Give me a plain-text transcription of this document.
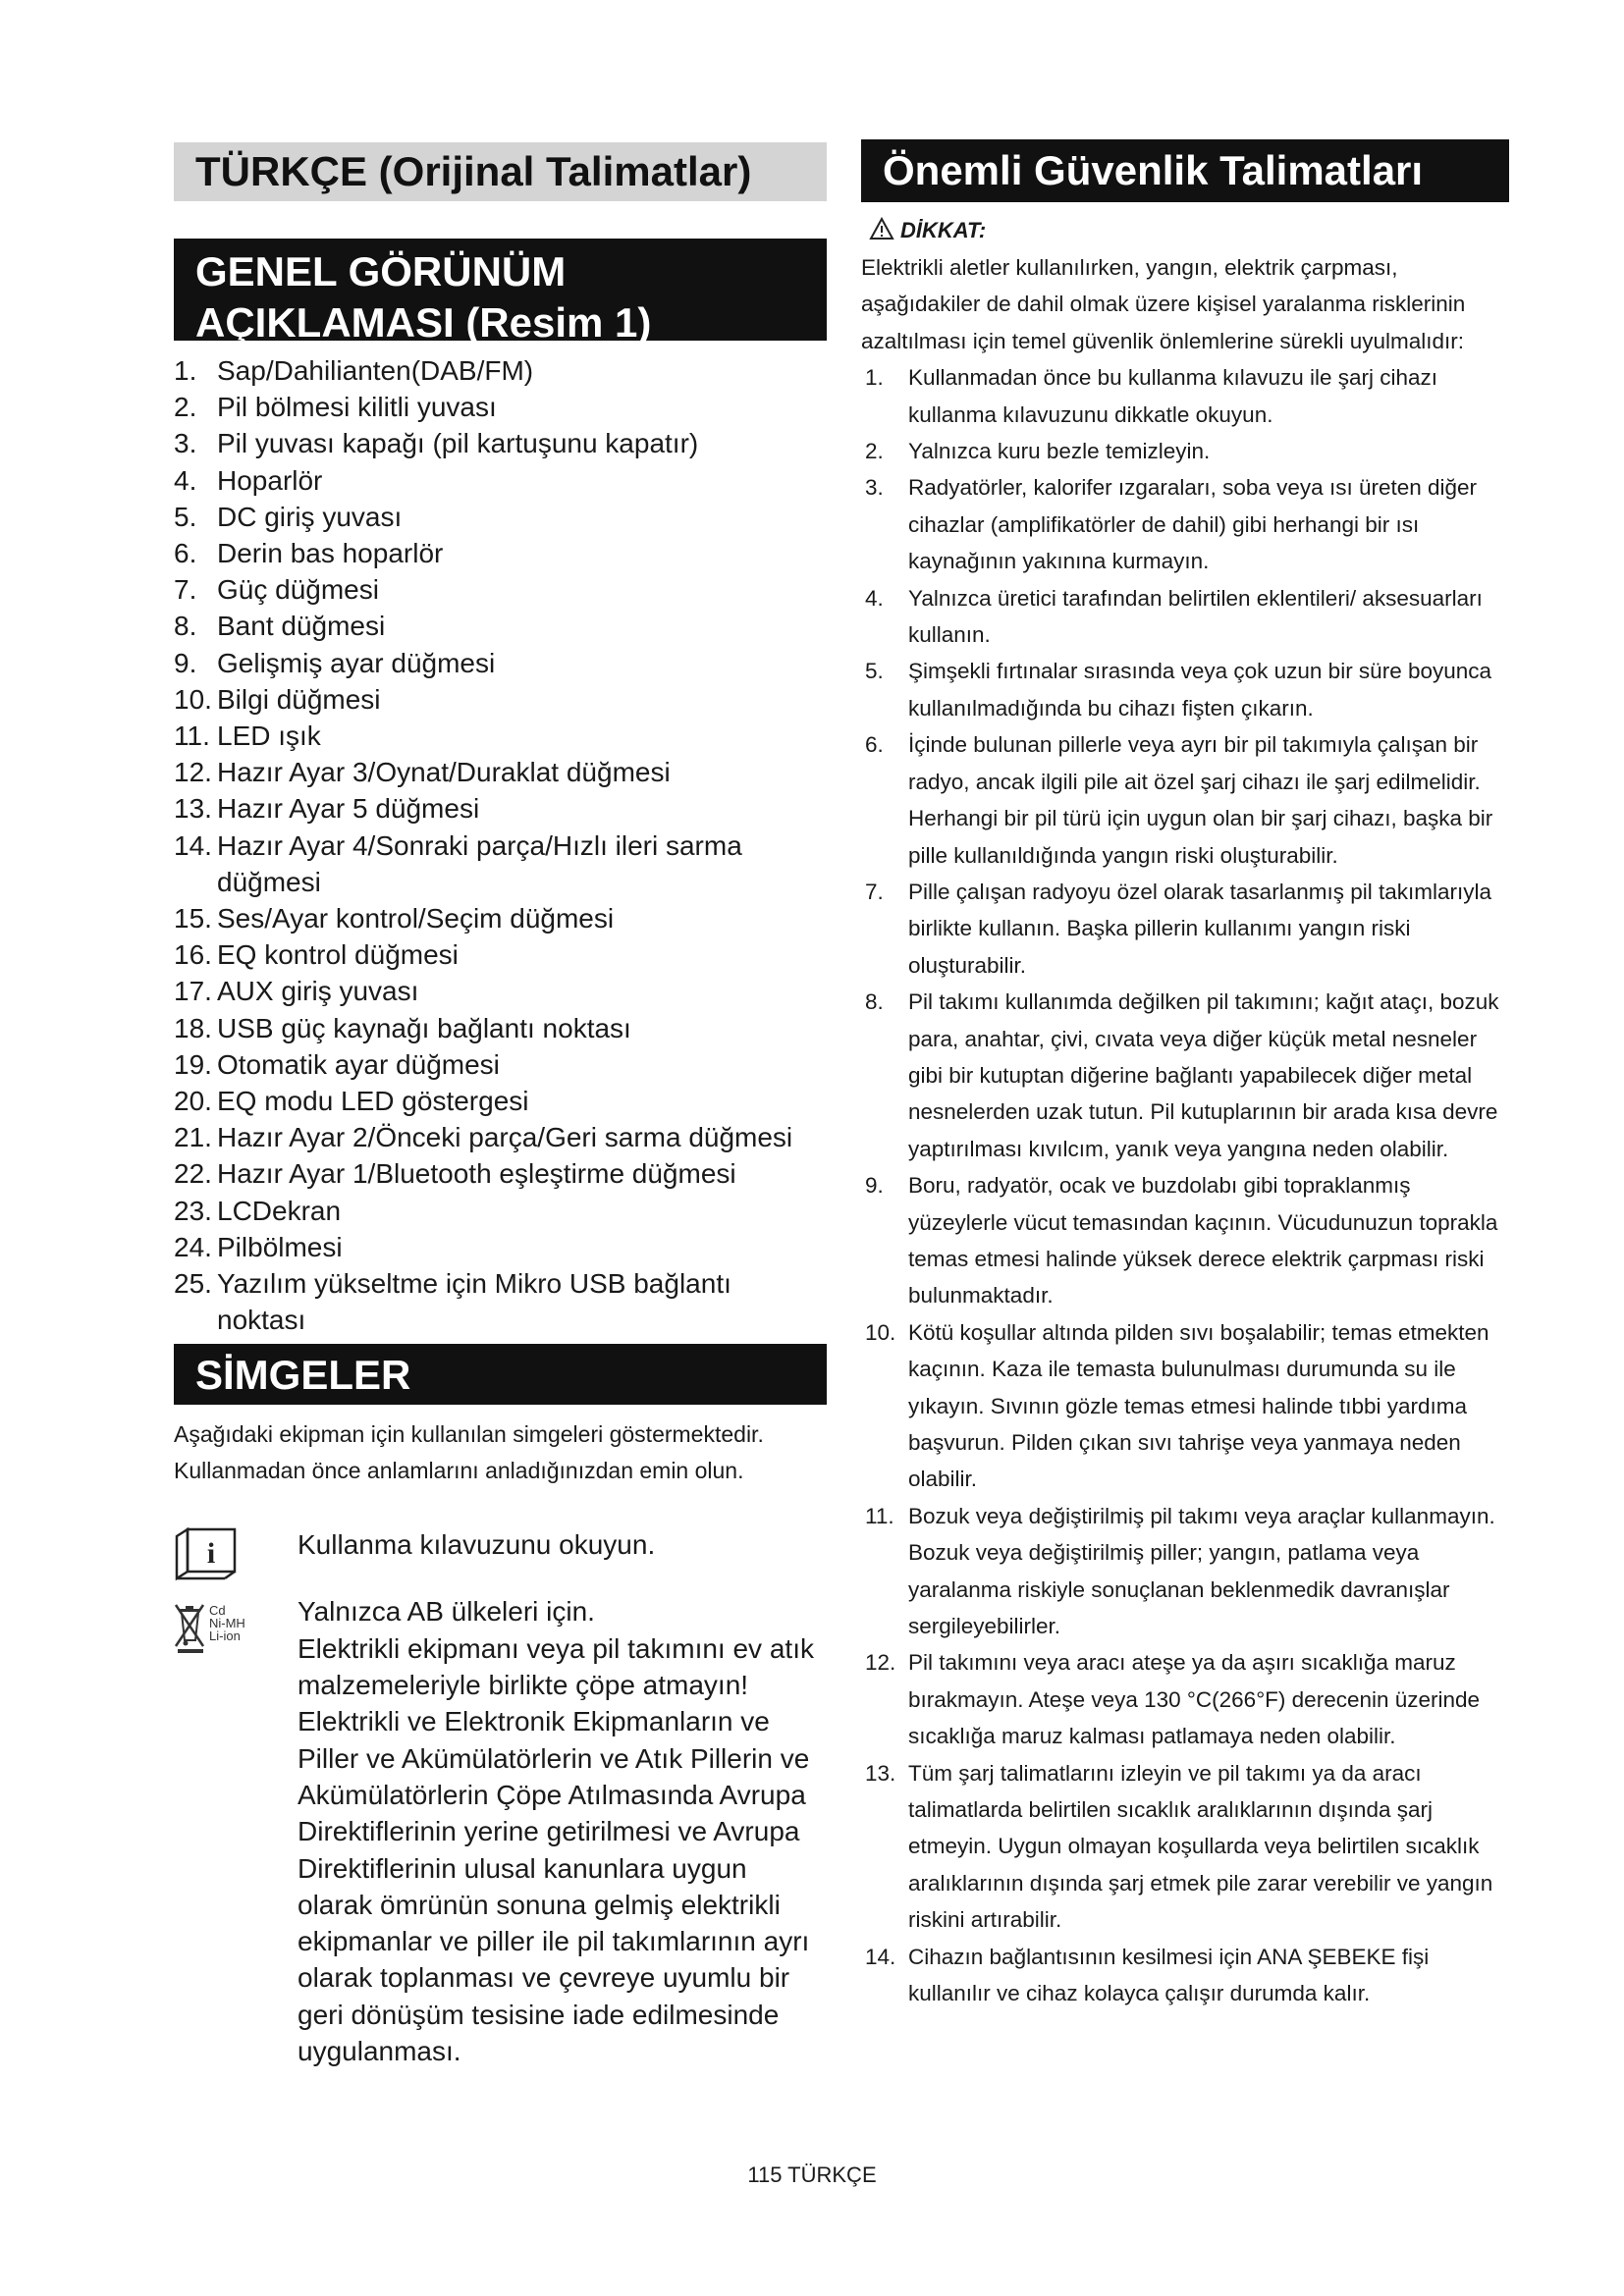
TÜRKÇE (Orijinal Talimatlar)
GENEL GÖRÜNÜM
AÇIKLAMASI (Resim 1)
1. Sap/Dahilianten(DAB/FM)
2. Pil bölmesi kilitli yuvası
3. Pil yuvası kapağı (pil kartuşunu kapatır)
4. Hoparlör
5. DC giriş yuvası
6. Derin bas hoparlör
7. Güç düğmesi
8. Bant düğmesi
9. Gelişmiş ayar düğmesi
10. Bilgi düğmesi
11. LED ışık
12. Hazır Ayar 3/Oynat/Duraklat düğmesi
13. Hazır Ayar 5 düğmesi
14. Hazır Ayar 4/Sonraki parça/Hızlı ileri sarma düğmesi
15. Ses/Ayar kontrol/Seçim düğmesi
16. EQ kontrol düğmesi
17. AUX giriş yuvası
18. USB güç kaynağı bağlantı noktası
19. Otomatik ayar düğmesi
20. EQ modu LED göstergesi
21. Hazır Ayar 2/Önceki parça/Geri sarma düğmesi
22. Hazır Ayar 1/Bluetooth eşleştirme düğmesi
23. LCDekran
24. Pilbölmesi
25. Yazılım yükseltme için Mikro USB bağlantı noktası
SİMGELER
Aşağıdaki ekipman için kullanılan simgeleri göstermektedir. Kullanmadan önce anlamlarını anladığınızdan emin olun.
i	Kullanma kılavuzunu okuyun.
Cd
Ni-MH
Li-ion
Yalnızca AB ülkeleri için.
Elektrikli ekipmanı veya pil takımını ev atık malzemeleriyle birlikte çöpe atmayın! Elektrikli ve Elektronik Ekipmanların ve Piller ve Akümülatörlerin ve Atık Pillerin ve Akümülatörlerin Çöpe Atılmasında Avrupa Direktiflerinin yerine getirilmesi ve Avrupa Direktiflerinin ulusal kanunlara uygun olarak ömrünün sonuna gelmiş elektrikli ekipmanlar ve piller ile pil takımlarının ayrı olarak toplanması ve çevreye uyumlu bir geri dönüşüm tesisine iade edilmesinde uygulanması.
Önemli Güvenlik Talimatları
DİKKAT:
Elektrikli aletler kullanılırken, yangın, elektrik çarpması, aşağıdakiler de dahil olmak üzere kişisel yaralanma risklerinin azaltılması için temel güvenlik önlemlerine sürekli uyulmalıdır:
1. Kullanmadan önce bu kullanma kılavuzu ile şarj cihazı kullanma kılavuzunu dikkatle okuyun.
2. Yalnızca kuru bezle temizleyin.
3. Radyatörler, kalorifer ızgaraları, soba veya ısı üreten diğer cihazlar (amplifikatörler de dahil) gibi herhangi bir ısı kaynağının yakınına kurmayın.
4. Yalnızca üretici tarafından belirtilen eklentileri/ aksesuarları kullanın.
5. Şimşekli fırtınalar sırasında veya çok uzun bir süre boyunca kullanılmadığında bu cihazı fişten çıkarın.
6. İçinde bulunan pillerle veya ayrı bir pil takımıyla çalışan bir radyo, ancak ilgili pile ait özel şarj cihazı ile şarj edilmelidir. Herhangi bir pil türü için uygun olan bir şarj cihazı, başka bir pille kullanıldığında yangın riski oluşturabilir.
7. Pille çalışan radyoyu özel olarak tasarlanmış pil takımlarıyla birlikte kullanın. Başka pillerin kullanımı yangın riski oluşturabilir.
8. Pil takımı kullanımda değilken pil takımını; kağıt ataçı, bozuk para, anahtar, çivi, cıvata veya diğer küçük metal nesneler gibi bir kutuptan diğerine bağlantı yapabilecek diğer metal nesnelerden uzak tutun. Pil kutuplarının bir arada kısa devre yaptırılması kıvılcım, yanık veya yangına neden olabilir.
9. Boru, radyatör, ocak ve buzdolabı gibi topraklanmış yüzeylerle vücut temasından kaçının. Vücudunuzun toprakla temas etmesi halinde yüksek derece elektrik çarpması riski bulunmaktadır.
10. Kötü koşullar altında pilden sıvı boşalabilir; temas etmekten kaçının. Kaza ile temasta bulunulması durumunda su ile yıkayın. Sıvının gözle temas etmesi halinde tıbbi yardıma başvurun. Pilden çıkan sıvı tahrişe veya yanmaya neden olabilir.
11. Bozuk veya değiştirilmiş pil takımı veya araçlar kullanmayın. Bozuk veya değiştirilmiş piller; yangın, patlama veya yaralanma riskiyle sonuçlanan beklenmedik davranışlar sergileyebilirler.
12. Pil takımını veya aracı ateşe ya da aşırı sıcaklığa maruz bırakmayın. Ateşe veya 130 °C(266°F) derecenin üzerinde sıcaklığa maruz kalması patlamaya neden olabilir.
13. Tüm şarj talimatlarını izleyin ve pil takımı ya da aracı talimatlarda belirtilen sıcaklık aralıklarının dışında şarj etmeyin. Uygun olmayan koşullarda veya belirtilen sıcaklık aralıklarının dışında şarj etmek pile zarar verebilir ve yangın riskini artırabilir.
14. Cihazın bağlantısının kesilmesi için ANA ŞEBEKE fişi kullanılır ve cihaz kolayca çalışır durumda kalır.
115 TÜRKÇE
